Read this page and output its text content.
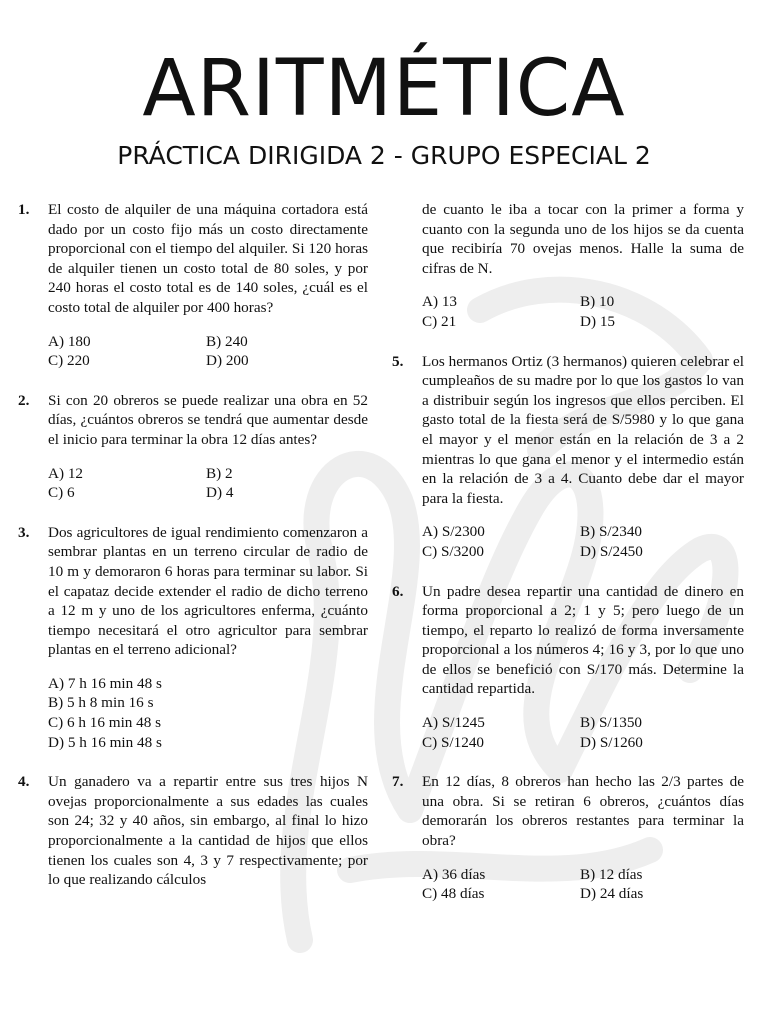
ARITMÉTICA
PRÁCTICA DIRIGIDA 2 - GRUPO ESPECIAL 2
1.	El costo de alquiler de una máquina cortadora está dado por un costo fijo más un costo directamente proporcional con el tiempo del alquiler. Si 120 horas de alquiler tienen un costo total de 80 soles, y por 240 horas el costo total es de 140 soles, ¿cuál es el costo total de alquiler por 400 horas?

A) 180	B) 240
C) 220	D) 200
2.	Si con 20 obreros se puede realizar una obra en 52 días, ¿cuántos obreros se tendrá que aumentar desde el inicio para terminar la obra 12 días antes?

A) 12	B) 2
C) 6	D) 4
3.	Dos agricultores de igual rendimiento comenzaron a sembrar plantas en un terreno circular de radio de 10 m y demoraron 6 horas para terminar su labor. Si el capataz decide extender el radio de dicho terreno a 12 m y uno de los agricultores enferma, ¿cuánto tiempo necesitará el otro agricultor para sembrar plantas en el terreno adicional?

A) 7 h 16 min 48 s
B) 5 h 8 min 16 s
C) 6 h 16 min 48 s
D) 5 h 16 min 48 s
4.	Un ganadero va a repartir entre sus tres hijos N ovejas proporcionalmente a sus edades las cuales son 24; 32 y 40 años, sin embargo, al final lo hizo proporcionalmente a la cantidad de hijos que ellos tienen los cuales son 4, 3 y 7 respectivamente; por lo que realizando cálculos

de cuanto le iba a tocar con la primer a forma y cuanto con la segunda uno de los hijos se da cuenta que recibiría 70 ovejas menos. Halle la suma de cifras de N.

A) 13	B) 10
C) 21	D) 15
5.	Los hermanos Ortiz (3 hermanos) quieren celebrar el cumpleaños de su madre por lo que los gastos lo van a distribuir según los ingresos que ellos perciben. El gasto total de la fiesta será de S/5980 y lo que gana el mayor y el menor están en la relación de 3 a 2 mientras lo que gana el menor y el intermedio están en la relación de 3 a 4. Cuanto debe dar el mayor para la fiesta.

A) S/2300	B) S/2340
C) S/3200	D) S/2450
6.	Un padre desea repartir una cantidad de dinero en forma proporcional a 2; 1 y 5; pero luego de un tiempo, el reparto lo realizó de forma inversamente proporcional a los números 4; 16 y 3, por lo que uno de ellos se benefició con S/170 más. Determine la cantidad repartida.

A) S/1245	B) S/1350
C) S/1240	D) S/1260
7.	En 12 días, 8 obreros han hecho las 2/3 partes de una obra. Si se retiran 6 obreros, ¿cuántos días demorarán los obreros restantes para terminar la obra?

A) 36 días	B) 12 días
C) 48 días	D) 24 días
